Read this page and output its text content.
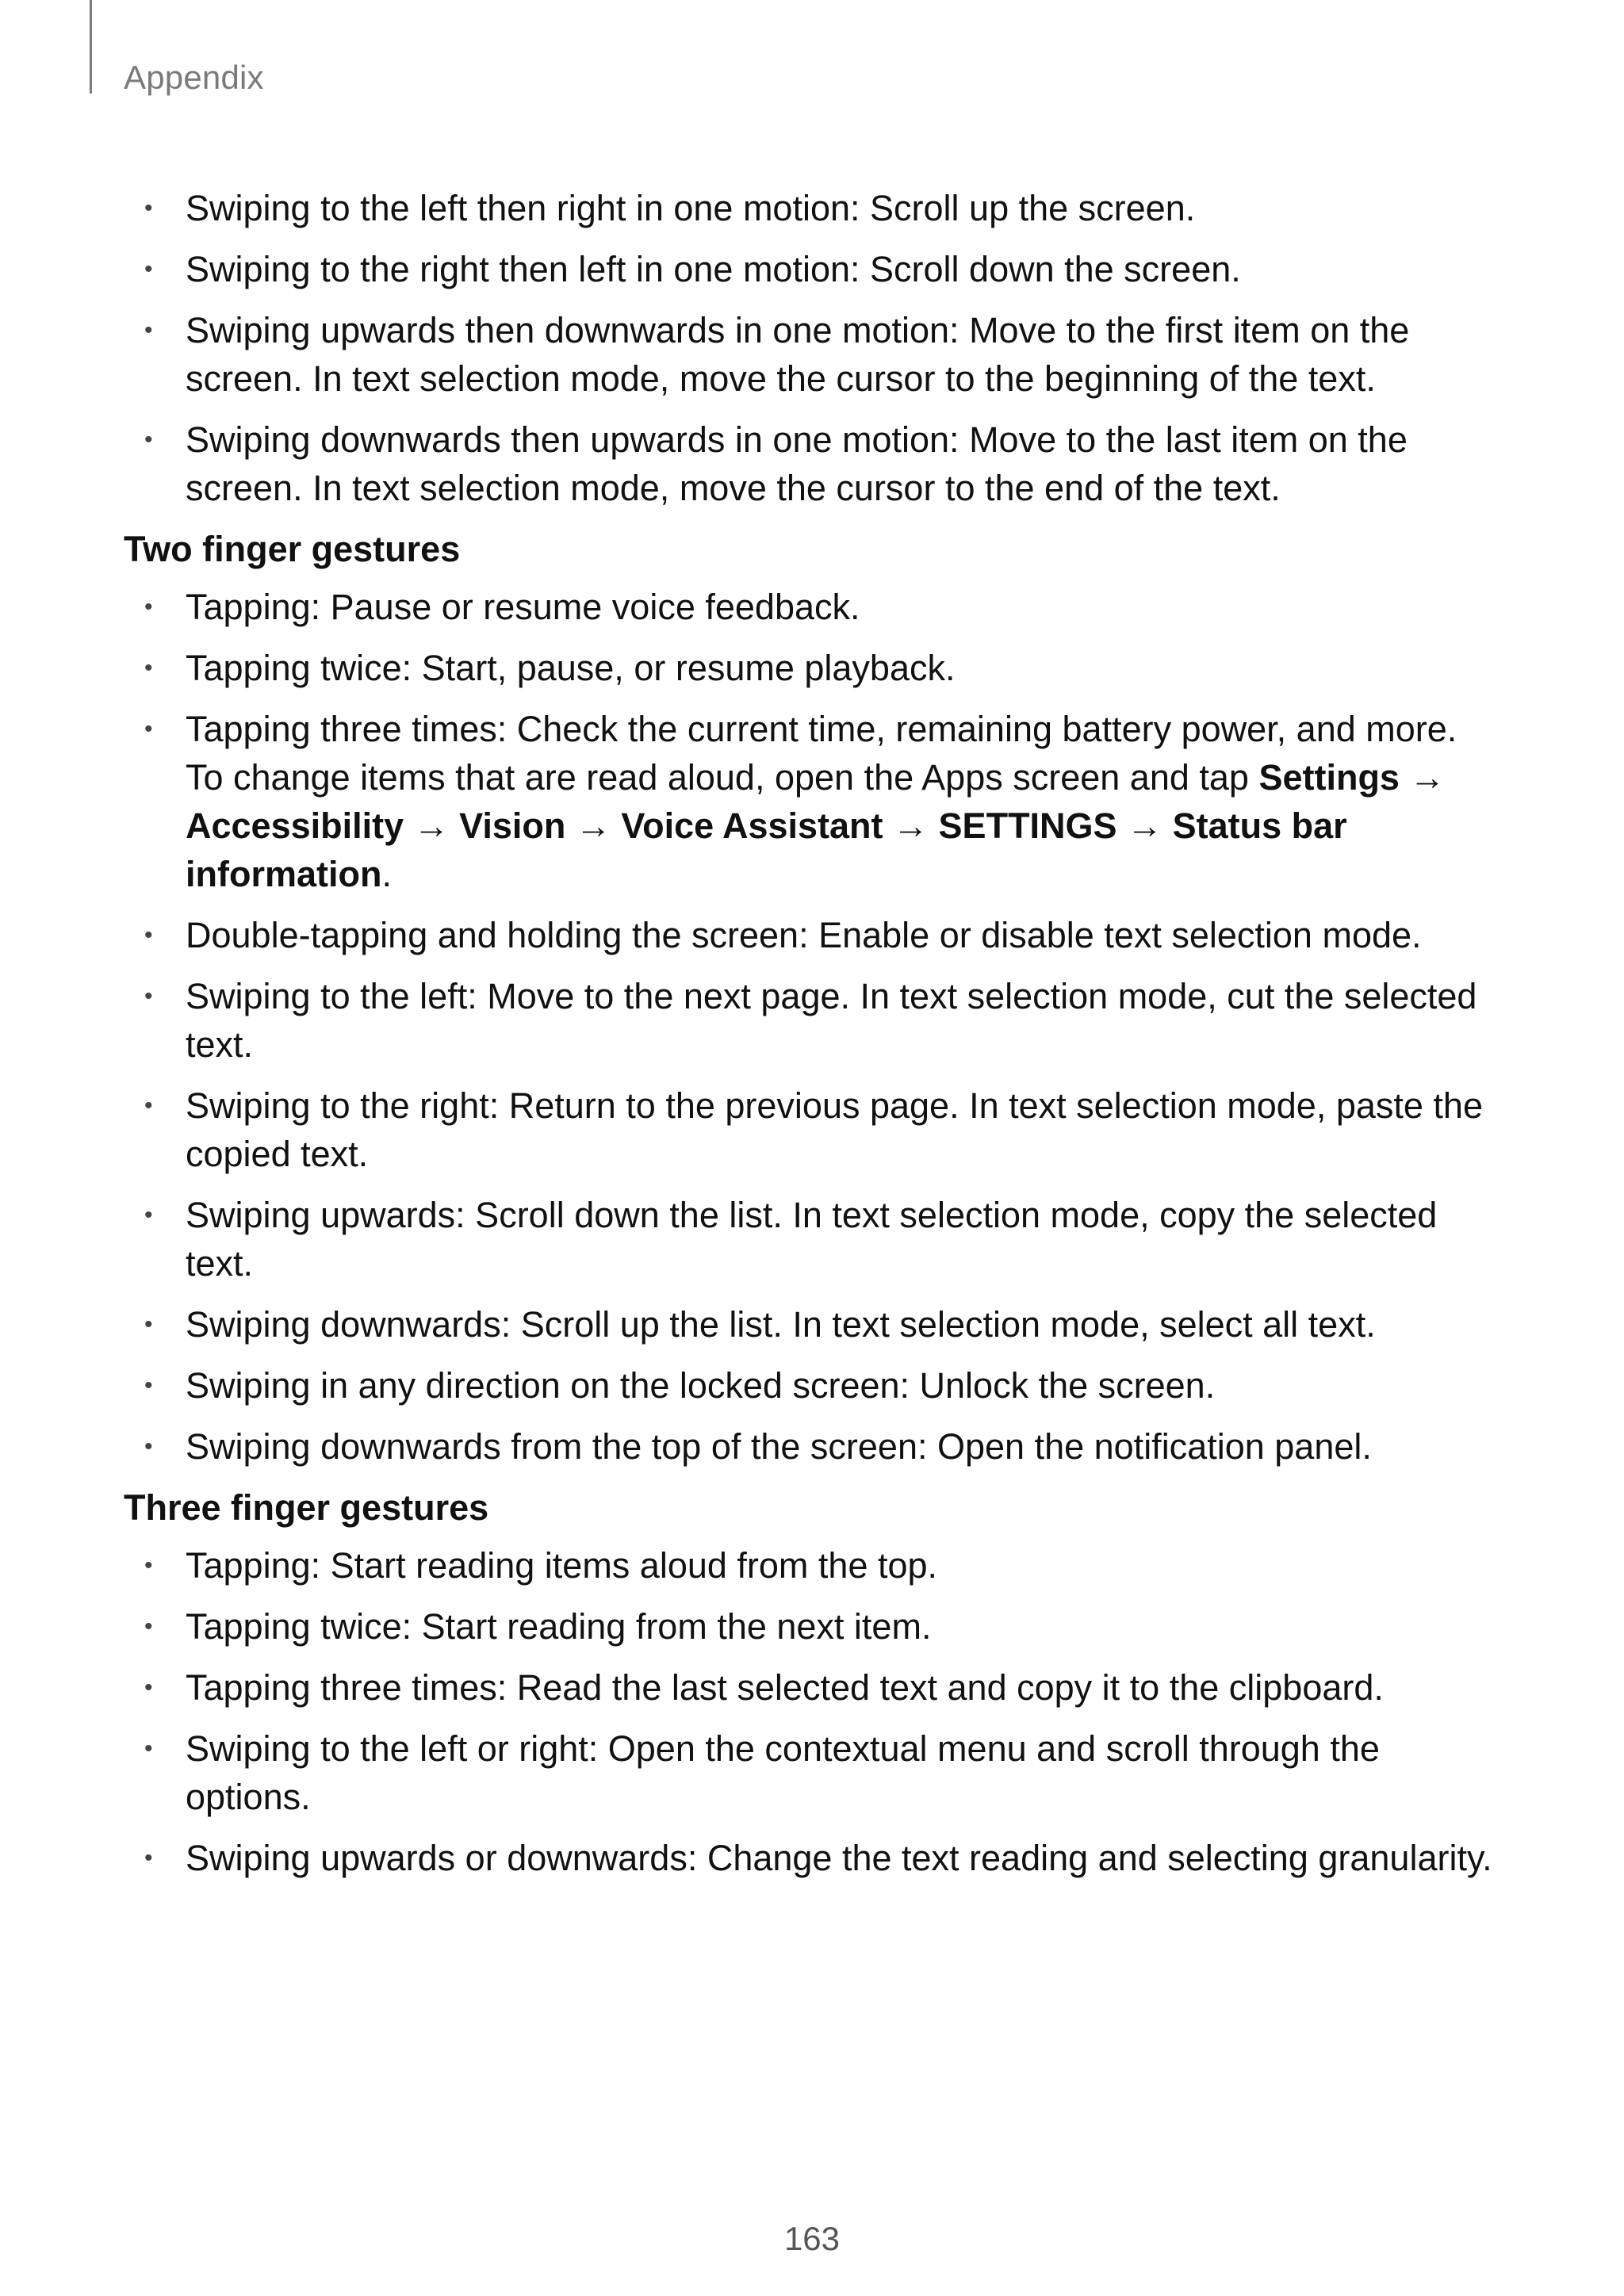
Appendix
• Swiping to the left then right in one motion: Scroll up the screen.
• Swiping to the right then left in one motion: Scroll down the screen.
• Swiping upwards then downwards in one motion: Move to the first item on the screen. In text selection mode, move the cursor to the beginning of the text.
• Swiping downwards then upwards in one motion: Move to the last item on the screen. In text selection mode, move the cursor to the end of the text.
Two finger gestures
• Tapping: Pause or resume voice feedback.
• Tapping twice: Start, pause, or resume playback.
• Tapping three times: Check the current time, remaining battery power, and more.
To change items that are read aloud, open the Apps screen and tap Settings → Accessibility → Vision → Voice Assistant → SETTINGS → Status bar information.
• Double-tapping and holding the screen: Enable or disable text selection mode.
• Swiping to the left: Move to the next page. In text selection mode, cut the selected text.
• Swiping to the right: Return to the previous page. In text selection mode, paste the copied text.
• Swiping upwards: Scroll down the list. In text selection mode, copy the selected text.
• Swiping downwards: Scroll up the list. In text selection mode, select all text.
• Swiping in any direction on the locked screen: Unlock the screen.
• Swiping downwards from the top of the screen: Open the notification panel.
Three finger gestures
• Tapping: Start reading items aloud from the top.
• Tapping twice: Start reading from the next item.
• Tapping three times: Read the last selected text and copy it to the clipboard.
• Swiping to the left or right: Open the contextual menu and scroll through the options.
• Swiping upwards or downwards: Change the text reading and selecting granularity.
163
